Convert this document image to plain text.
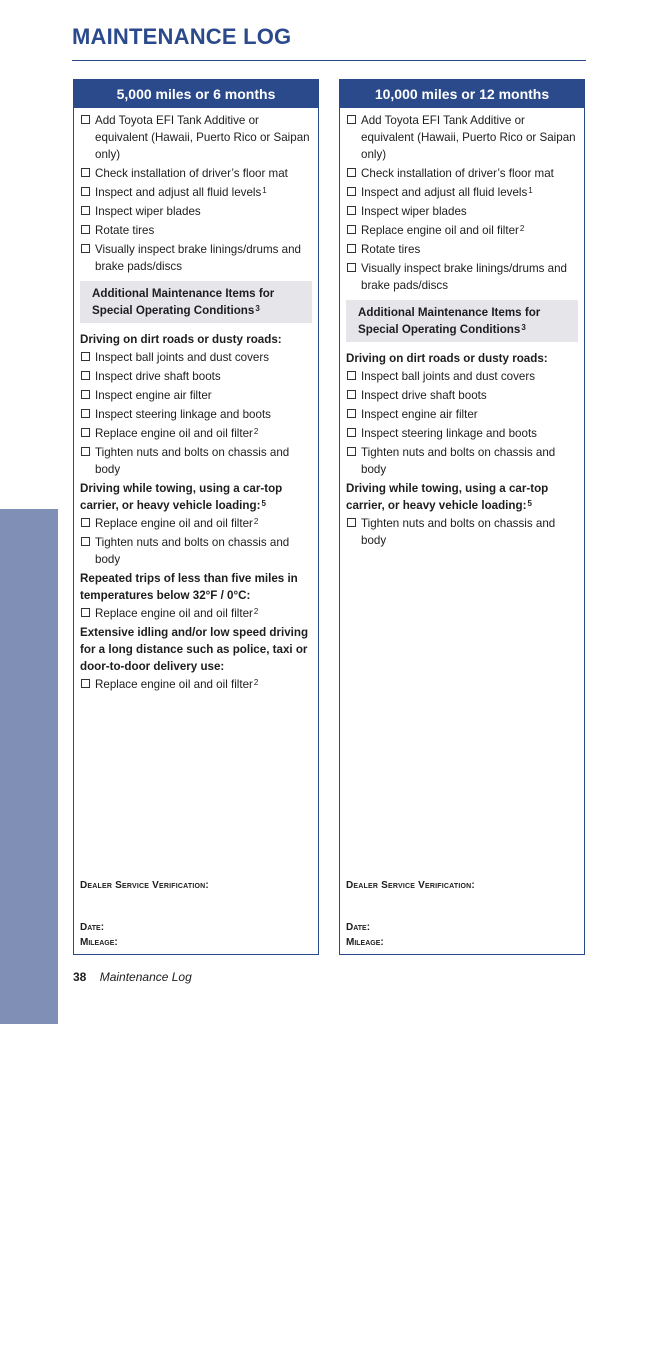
MAINTENANCE
MAINTENANCE LOG
5,000 miles or 6 months
Add Toyota EFI Tank Additive or equivalent (Hawaii, Puerto Rico or Saipan only)
Check installation of driver’s floor mat
Inspect and adjust all fluid levels$^1$
Inspect wiper blades
Rotate tires
Visually inspect brake linings/drums and brake pads/discs
Additional Maintenance Items for Special Operating Conditions$^3$
Driving on dirt roads or dusty roads:
Inspect ball joints and dust covers
Inspect drive shaft boots
Inspect engine air filter
Inspect steering linkage and boots
Replace engine oil and oil filter$^2$
Tighten nuts and bolts on chassis and body
Driving while towing, using a car-top carrier, or heavy vehicle loading:$^5$
Replace engine oil and oil filter$^2$
Tighten nuts and bolts on chassis and body
Repeated trips of less than five miles in temperatures below 32°F / 0°C:
Replace engine oil and oil filter$^2$
Extensive idling and/or low speed driving for a long distance such as police, taxi or door-to-door delivery use:
Replace engine oil and oil filter$^2$
Dealer Service Verification:
Date:
Mileage:
10,000 miles or 12 months
Add Toyota EFI Tank Additive or equivalent (Hawaii, Puerto Rico or Saipan only)
Check installation of driver’s floor mat
Inspect and adjust all fluid levels$^1$
Inspect wiper blades
Replace engine oil and oil filter$^2$
Rotate tires
Visually inspect brake linings/drums and brake pads/discs
Additional Maintenance Items for Special Operating Conditions$^3$
Driving on dirt roads or dusty roads:
Inspect ball joints and dust covers
Inspect drive shaft boots
Inspect engine air filter
Inspect steering linkage and boots
Tighten nuts and bolts on chassis and body
Driving while towing, using a car-top carrier, or heavy vehicle loading:$^5$
Tighten nuts and bolts on chassis and body
Dealer Service Verification:
Date:
Mileage:
38 Maintenance Log
